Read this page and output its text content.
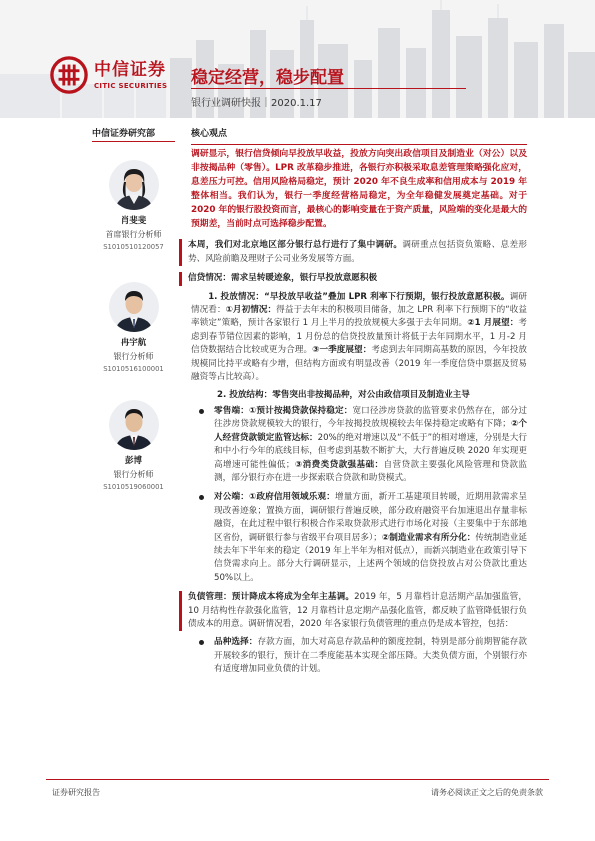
中信证券
CITIC SECURITIES 稳定经营，稳步配置
银行业调研快报｜2020.1.17
中信证券研究部
肖斐斐
首席银行分析师
S1010510120057
冉宇航
银行分析师
S1010516100001
彭博
银行分析师
S1010519060001
核心观点

调研显示，银行信贷倾向早投放早收益，投放方向突出政信项目及制造业（对公）以及非按揭品种（零售）。LPR 改革稳步推进，各银行亦积极采取息差管理策略强化应对，息差压力可控。信用风险格局稳定，预计 2020 年不良生成率和信用成本与 2019 年整体相当。我们认为，银行一季度经营格局稳定，为全年稳健发展奠定基础。对于 2020 年的银行股投资而言，最核心的影响变量在于资产质量，风险端的变化是最大的预期差，当前时点可选择稳步配置。

本周，我们对北京地区部分银行总行进行了集中调研。调研重点包括资负策略、息差形势、风险前瞻及理财子公司业务发展等方面。

信贷情况：需求呈转暖迹象，银行早投放意愿积极

1. 投放情况：“早投放早收益”叠加 LPR 利率下行预期，银行投放意愿积极。调研情况看：①月初情况：得益于去年末的积极项目储备，加之 LPR 利率下行预期下的“收益率锁定”策略，预计各家银行 1 月上半月的投放规模大多强于去年同期。②1 月展望：考虑到春节错位因素的影响，1 月份总的信贷投放量预计将低于去年同期水平，1 月-2 月信贷数据结合比较或更为合理。③一季度展望：考虑到去年同期高基数的原因，今年投放规模同比持平或略有少增，但结构方面或有明显改善（2019 年一季度信贷中票据及贸易融资等占比较高）。

2. 投放结构：零售突出非按揭品种，对公由政信项目及制造业主导

零售端：①预计按揭贷款保持稳定：宽口径涉房贷款的监管要求仍然存在，部分过往涉房贷款规模较大的银行，今年按揭投放规模较去年保持稳定或略有下降；②个人经营贷款锁定监管达标：20%的绝对增速以及“不低于”的相对增速，分别是大行和中小行今年的底线目标，但考虑到基数不断扩大，大行普遍反映 2020 年实现更高增速可能性偏低；③消费类贷款强基础：自营贷款主要强化风险管理和贷款监测，部分银行亦在进一步探索联合贷款和助贷模式。
对公端：①政府信用领域乐观：增量方面，新开工基建项目转暖，近期用款需求呈现改善迹象；置换方面，调研银行普遍反映，部分政府融资平台加速退出存量非标融资，在此过程中银行积极合作采取贷款形式进行市场化对接（主要集中于东部地区省份，调研银行参与省级平台项目居多）；②制造业需求有所分化：传统制造业延续去年下半年来的稳定（2019 年上半年为相对低点），而新兴制造业在政策引导下信贷需求向上。部分大行调研显示，上述两个领域的信贷投放占对公贷款比重达 50%以上。

负债管理：预计降成本将成为全年主基调。2019 年，5 月靠档计息活期产品加强监管，10 月结构性存款强化监管，12 月靠档计息定期产品强化监管，都反映了监管降低银行负债成本的用意。调研情况看，2020 年各家银行负债管理的重点仍是成本管控，包括：

品种选择：存款方面，加大对高息存款品种的额度控制，特别是部分前期智能存款开展较多的银行，预计在二季度能基本实现全部压降。大类负债方面，个别银行亦有适度增加同业负债的计划。
证券研究报告	请务必阅读正文之后的免责条款
